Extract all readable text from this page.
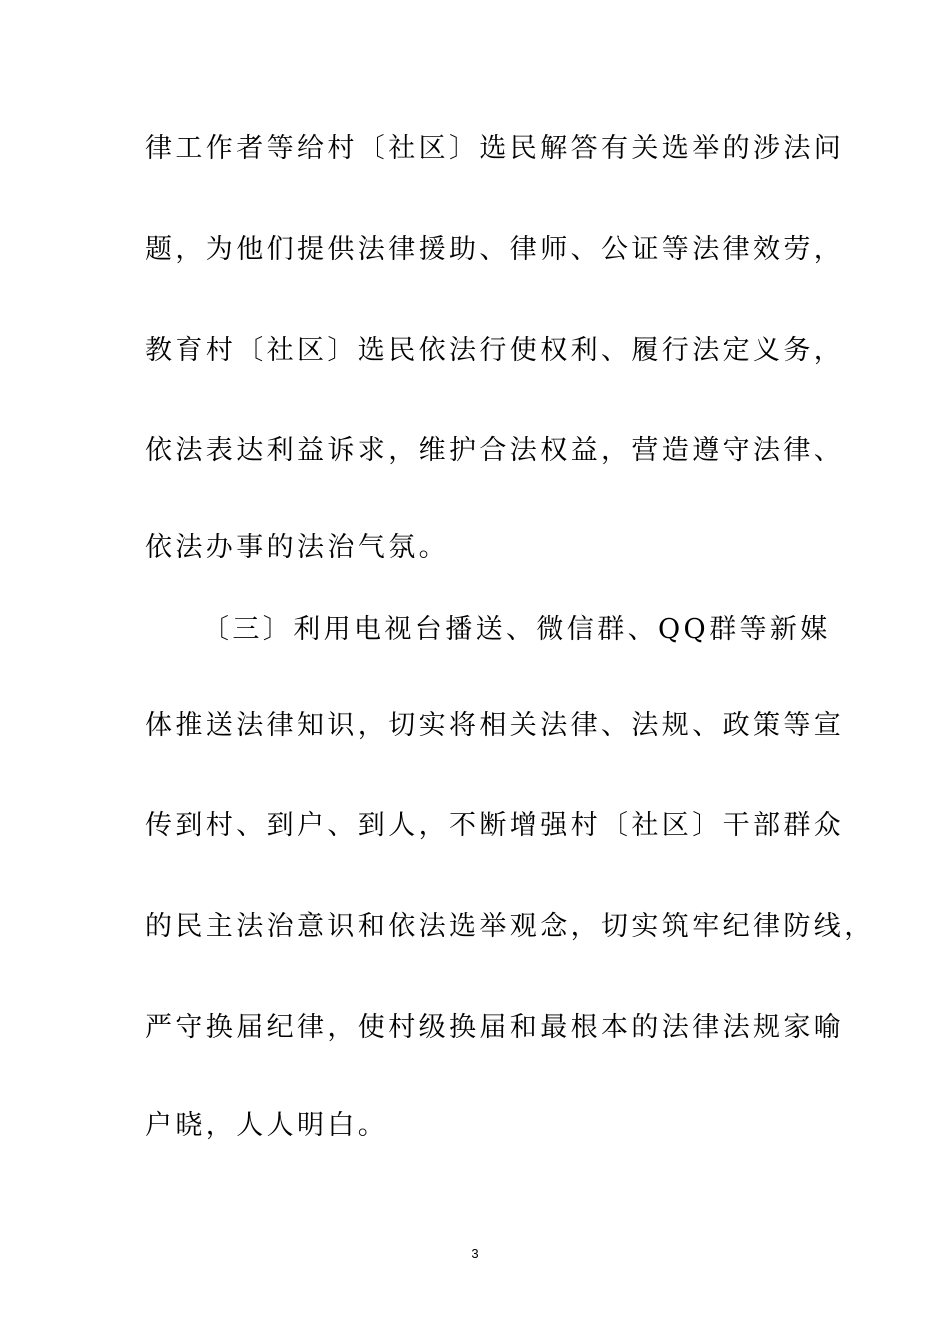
律工作者等给村〔社区〕选民解答有关选举的涉法问
题，为他们提供法律援助、律师、公证等法律效劳，
教育村〔社区〕选民依法行使权利、履行法定义务，
依法表达利益诉求，维护合法权益，营造遵守法律、
依法办事的法治气氛。
〔三〕利用电视台播送、微信群、QQ群等新媒
体推送法律知识，切实将相关法律、法规、政策等宣
传到村、到户、到人，不断增强村〔社区〕干部群众
的民主法治意识和依法选举观念，切实筑牢纪律防线，
严守换届纪律，使村级换届和最根本的法律法规家喻
户晓，人人明白。
3
